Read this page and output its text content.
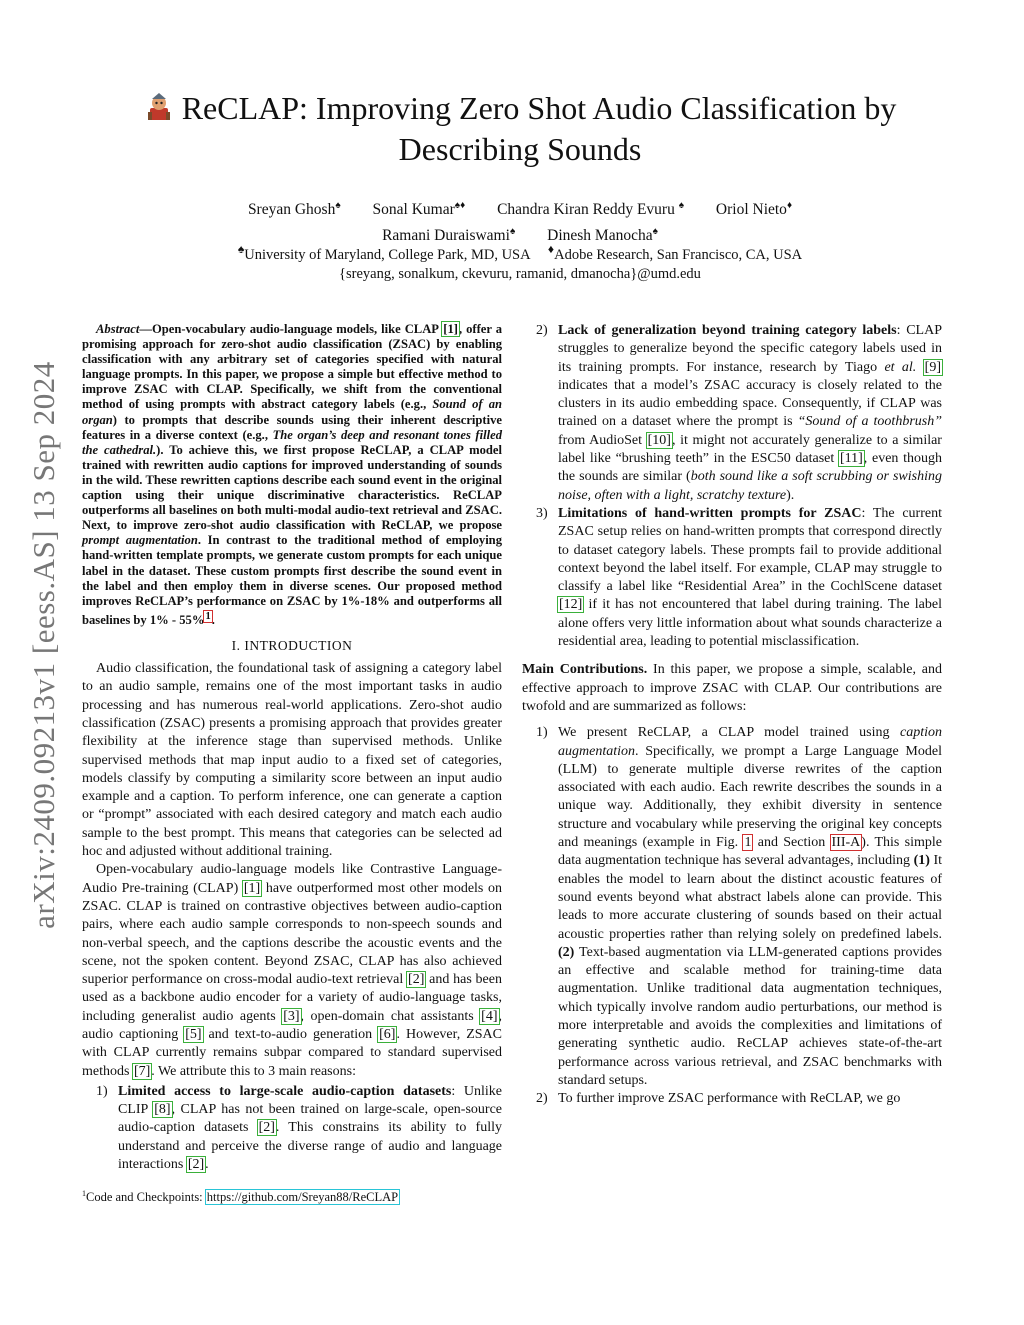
arXiv:2409.09213v1 [eess.AS] 13 Sep 2024
ReCLAP: Improving Zero Shot Audio Classification by
Describing Sounds
Sreyan Ghosh♠ Sonal Kumar♠♦ Chandra Kiran Reddy Evuru ♠ Oriol Nieto♦
Ramani Duraiswami♠ Dinesh Manocha♠
♠University of Maryland, College Park, MD, USA ♦Adobe Research, San Francisco, CA, USA
{sreyang, sonalkum, ckevuru, ramanid, dmanocha}@umd.edu

Abstract—Open-vocabulary audio-language models, like CLAP [1], offer a promising approach for zero-shot audio classification (ZSAC) by enabling classification with any arbitrary set of categories specified with natural language prompts. In this paper, we propose a simple but effective method to improve ZSAC with CLAP. Specifically, we shift from the conventional method of using prompts with abstract category labels (e.g., Sound of an organ) to prompts that describe sounds using their inherent descriptive features in a diverse context (e.g., The organ’s deep and resonant tones filled the cathedral.). To achieve this, we first propose ReCLAP, a CLAP model trained with rewritten audio captions for improved understanding of sounds in the wild. These rewritten captions describe each sound event in the original caption using their unique discriminative characteristics. ReCLAP outperforms all baselines on both multi-modal audio-text retrieval and ZSAC. Next, to improve zero-shot audio classification with ReCLAP, we propose prompt augmentation. In contrast to the traditional method of employing hand-written template prompts, we generate custom prompts for each unique label in the dataset. These custom prompts first describe the sound event in the label and then employ them in diverse scenes. Our proposed method improves ReCLAP’s performance on ZSAC by 1%-18% and outperforms all baselines by 1% - 55%$^1$.

I. INTRODUCTION

Audio classification, the foundational task of assigning a category label to an audio sample, remains one of the most important tasks in audio processing and has numerous real-world applications. Zero-shot audio classification (ZSAC) presents a promising approach that provides greater flexibility at the inference stage than supervised methods. Unlike supervised methods that map input audio to a fixed set of categories, models classify by computing a similarity score between an input audio example and a caption. To perform inference, one can generate a caption or “prompt” associated with each desired category and match each audio sample to the best prompt. This means that categories can be selected ad hoc and adjusted without additional training.

Open-vocabulary audio-language models like Contrastive Language-Audio Pre-training (CLAP) [1] have outperformed most other models on ZSAC. CLAP is trained on contrastive objectives between audio-caption pairs, where each audio sample corresponds to non-speech sounds and non-verbal speech, and the captions describe the acoustic events and the scene, not the spoken content. Beyond ZSAC, CLAP has also achieved superior performance on cross-modal audio-text retrieval [2] and has been used as a backbone audio encoder for a variety of audio-language tasks, including generalist audio agents [3], open-domain chat assistants [4], audio captioning [5] and text-to-audio generation [6]. However, ZSAC with CLAP currently remains subpar compared to standard supervised methods [7]. We attribute this to 3 main reasons:

1) Limited access to large-scale audio-caption datasets: Unlike CLIP [8], CLAP has not been trained on large-scale, open-source audio-caption datasets [2]. This constrains its ability to fully understand and perceive the diverse range of audio and language interactions [2].
$^1$Code and Checkpoints: https://github.com/Sreyan88/ReCLAP
2) Lack of generalization beyond training category labels: CLAP struggles to generalize beyond the specific category labels used in its training prompts. For instance, research by Tiago et al. [9] indicates that a model’s ZSAC accuracy is closely related to the clusters in its audio embedding space. Consequently, if CLAP was trained on a dataset where the prompt is “Sound of a toothbrush” from AudioSet [10], it might not accurately generalize to a similar label like “brushing teeth” in the ESC50 dataset [11], even though the sounds are similar (both sound like a soft scrubbing or swishing noise, often with a light, scratchy texture).
3) Limitations of hand-written prompts for ZSAC: The current ZSAC setup relies on hand-written prompts that correspond directly to dataset category labels. These prompts fail to provide additional context beyond the label itself. For example, CLAP may struggle to classify a label like “Residential Area” in the CochlScene dataset [12] if it has not encountered that label during training. The label alone offers very little information about what sounds characterize a residential area, leading to potential misclassification.

Main Contributions. In this paper, we propose a simple, scalable, and effective approach to improve ZSAC with CLAP. Our contributions are twofold and are summarized as follows:

1) We present ReCLAP, a CLAP model trained using caption augmentation. Specifically, we prompt a Large Language Model (LLM) to generate multiple diverse rewrites of the caption associated with each audio. Each rewrite describes the sounds in a unique way. Additionally, they exhibit diversity in sentence structure and vocabulary while preserving the original key concepts and meanings (example in Fig. 1 and Section III-A). This simple data augmentation technique has several advantages, including (1) It enables the model to learn about the distinct acoustic features of sound events beyond what abstract labels alone can provide. This leads to more accurate clustering of sounds based on their actual acoustic properties rather than relying solely on predefined labels. (2) Text-based augmentation via LLM-generated captions provides an effective and scalable method for training-time data augmentation. Unlike traditional data augmentation techniques, which typically involve random audio perturbations, our method is more interpretable and avoids the complexities and limitations of generating synthetic audio. ReCLAP achieves state-of-the-art performance across various retrieval, and ZSAC benchmarks with standard setups.
2) To further improve ZSAC performance with ReCLAP, we go
